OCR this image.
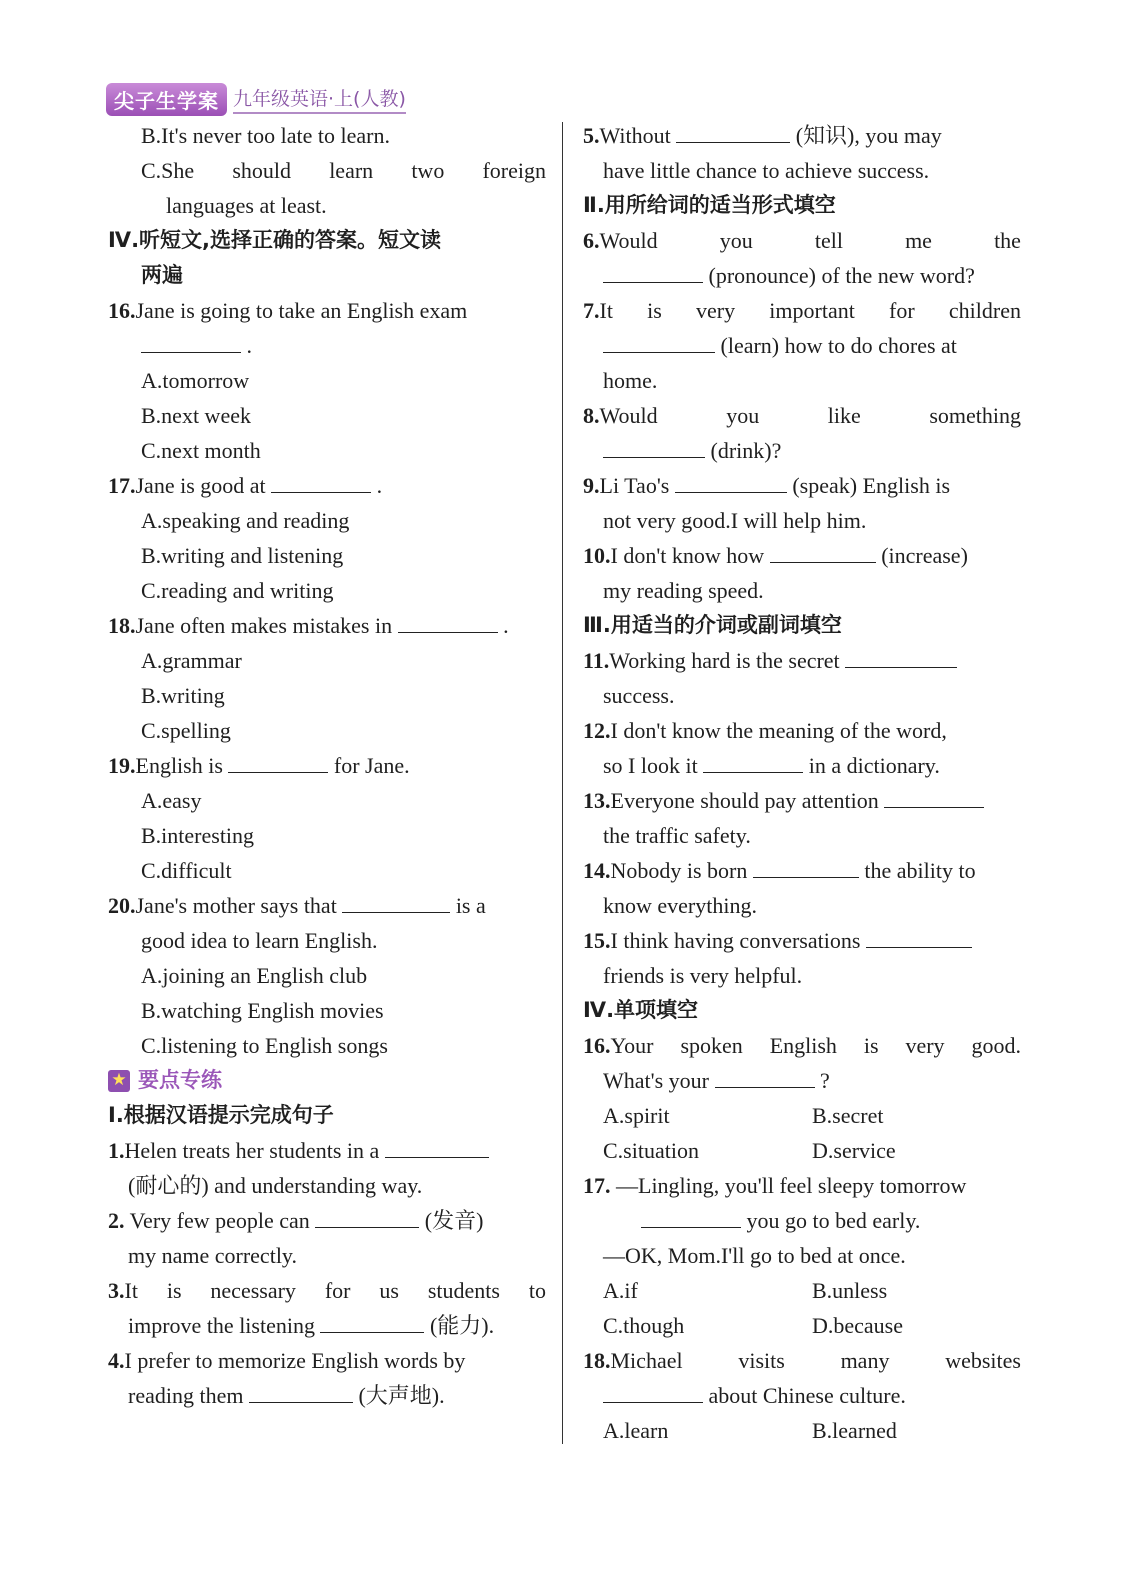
尖子生学案 九年级英语·上(人教)
B.It's never too late to learn.
C.She should learn two foreign
languages at least.
Ⅳ.听短文,选择正确的答案。短文读
两遍
16.Jane is going to take an English exam
.
A.tomorrow
B.next week
C.next month
17.Jane is good at	.
A.speaking and reading
B.writing and listening
C.reading and writing
18.Jane often makes mistakes in	.
A.grammar
B.writing
C.spelling
19.English is	for Jane.
A.easy
B.interesting
C.difficult
20.Jane's mother says that	is a
good idea to learn English.
A.joining an English club
B.watching English movies
C.listening to English songs
★ 要点专练
Ⅰ.根据汉语提示完成句子
1.Helen treats her students in a
(耐心的) and understanding way.
2. Very few people can	(发音)
my name correctly.
3.It is necessary for us students to
improve the listening	(能力).
4.I prefer to memorize English words by
reading them	(大声地).
5.Without	(知识), you may
have little chance to achieve success.
Ⅱ.用所给词的适当形式填空
6.Would	you	tell	me	the
(pronounce) of the new word?
7.It is very important for children
(learn) how to do chores at
home.
8.Would	you	like	something
(drink)?
9.Li Tao's	(speak) English is
not very good.I will help him.
10.I don't know how	(increase)
my reading speed.
Ⅲ.用适当的介词或副词填空
11.Working hard is the secret
success.
12.I don't know the meaning of the word,
so I look it	in a dictionary.
13.Everyone should pay attention
the traffic safety.
14.Nobody is born	the ability to
know everything.
15.I think having conversations
friends is very helpful.
Ⅳ.单项填空
16.Your spoken English is very good.
What's your	?
A.spirit	B.secret
C.situation	D.service
17. —Lingling, you'll feel sleepy tomorrow
you go to bed early.
—OK, Mom.I'll go to bed at once.
A.if	B.unless
C.though	D.because
18.Michael	visits	many	websites
about Chinese culture.
A.learn	B.learned
